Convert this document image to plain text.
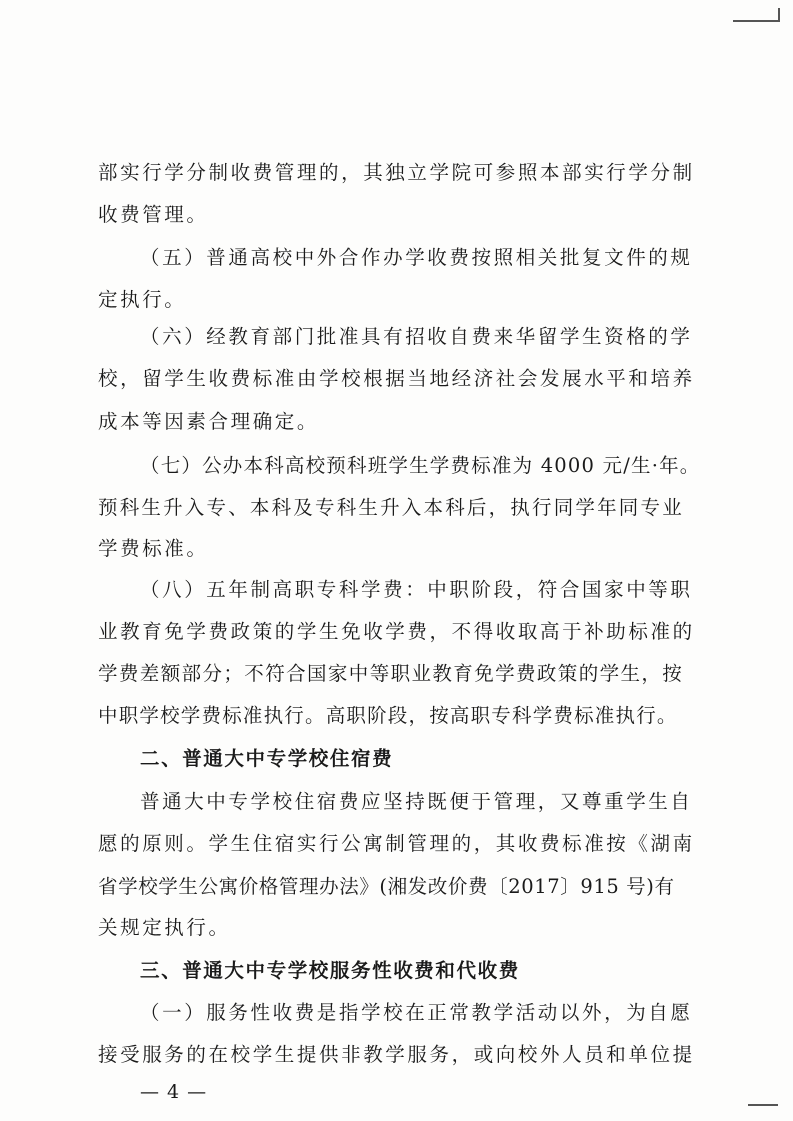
部实行学分制收费管理的，其独立学院可参照本部实行学分制
收费管理。
（五）普通高校中外合作办学收费按照相关批复文件的规
定执行。
（六）经教育部门批准具有招收自费来华留学生资格的学
校，留学生收费标准由学校根据当地经济社会发展水平和培养
成本等因素合理确定。
（七）公办本科高校预科班学生学费标准为 4000 元/生·年。
预科生升入专、本科及专科生升入本科后，执行同学年同专业
学费标准。
（八）五年制高职专科学费：中职阶段，符合国家中等职
业教育免学费政策的学生免收学费，不得收取高于补助标准的
学费差额部分；不符合国家中等职业教育免学费政策的学生，按
中职学校学费标准执行。高职阶段，按高职专科学费标准执行。
二、普通大中专学校住宿费
普通大中专学校住宿费应坚持既便于管理，又尊重学生自
愿的原则。学生住宿实行公寓制管理的，其收费标准按《湖南
省学校学生公寓价格管理办法》(湘发改价费〔2017〕915 号)有
关规定执行。
三、普通大中专学校服务性收费和代收费
（一）服务性收费是指学校在正常教学活动以外，为自愿
接受服务的在校学生提供非教学服务，或向校外人员和单位提
— 4 —
